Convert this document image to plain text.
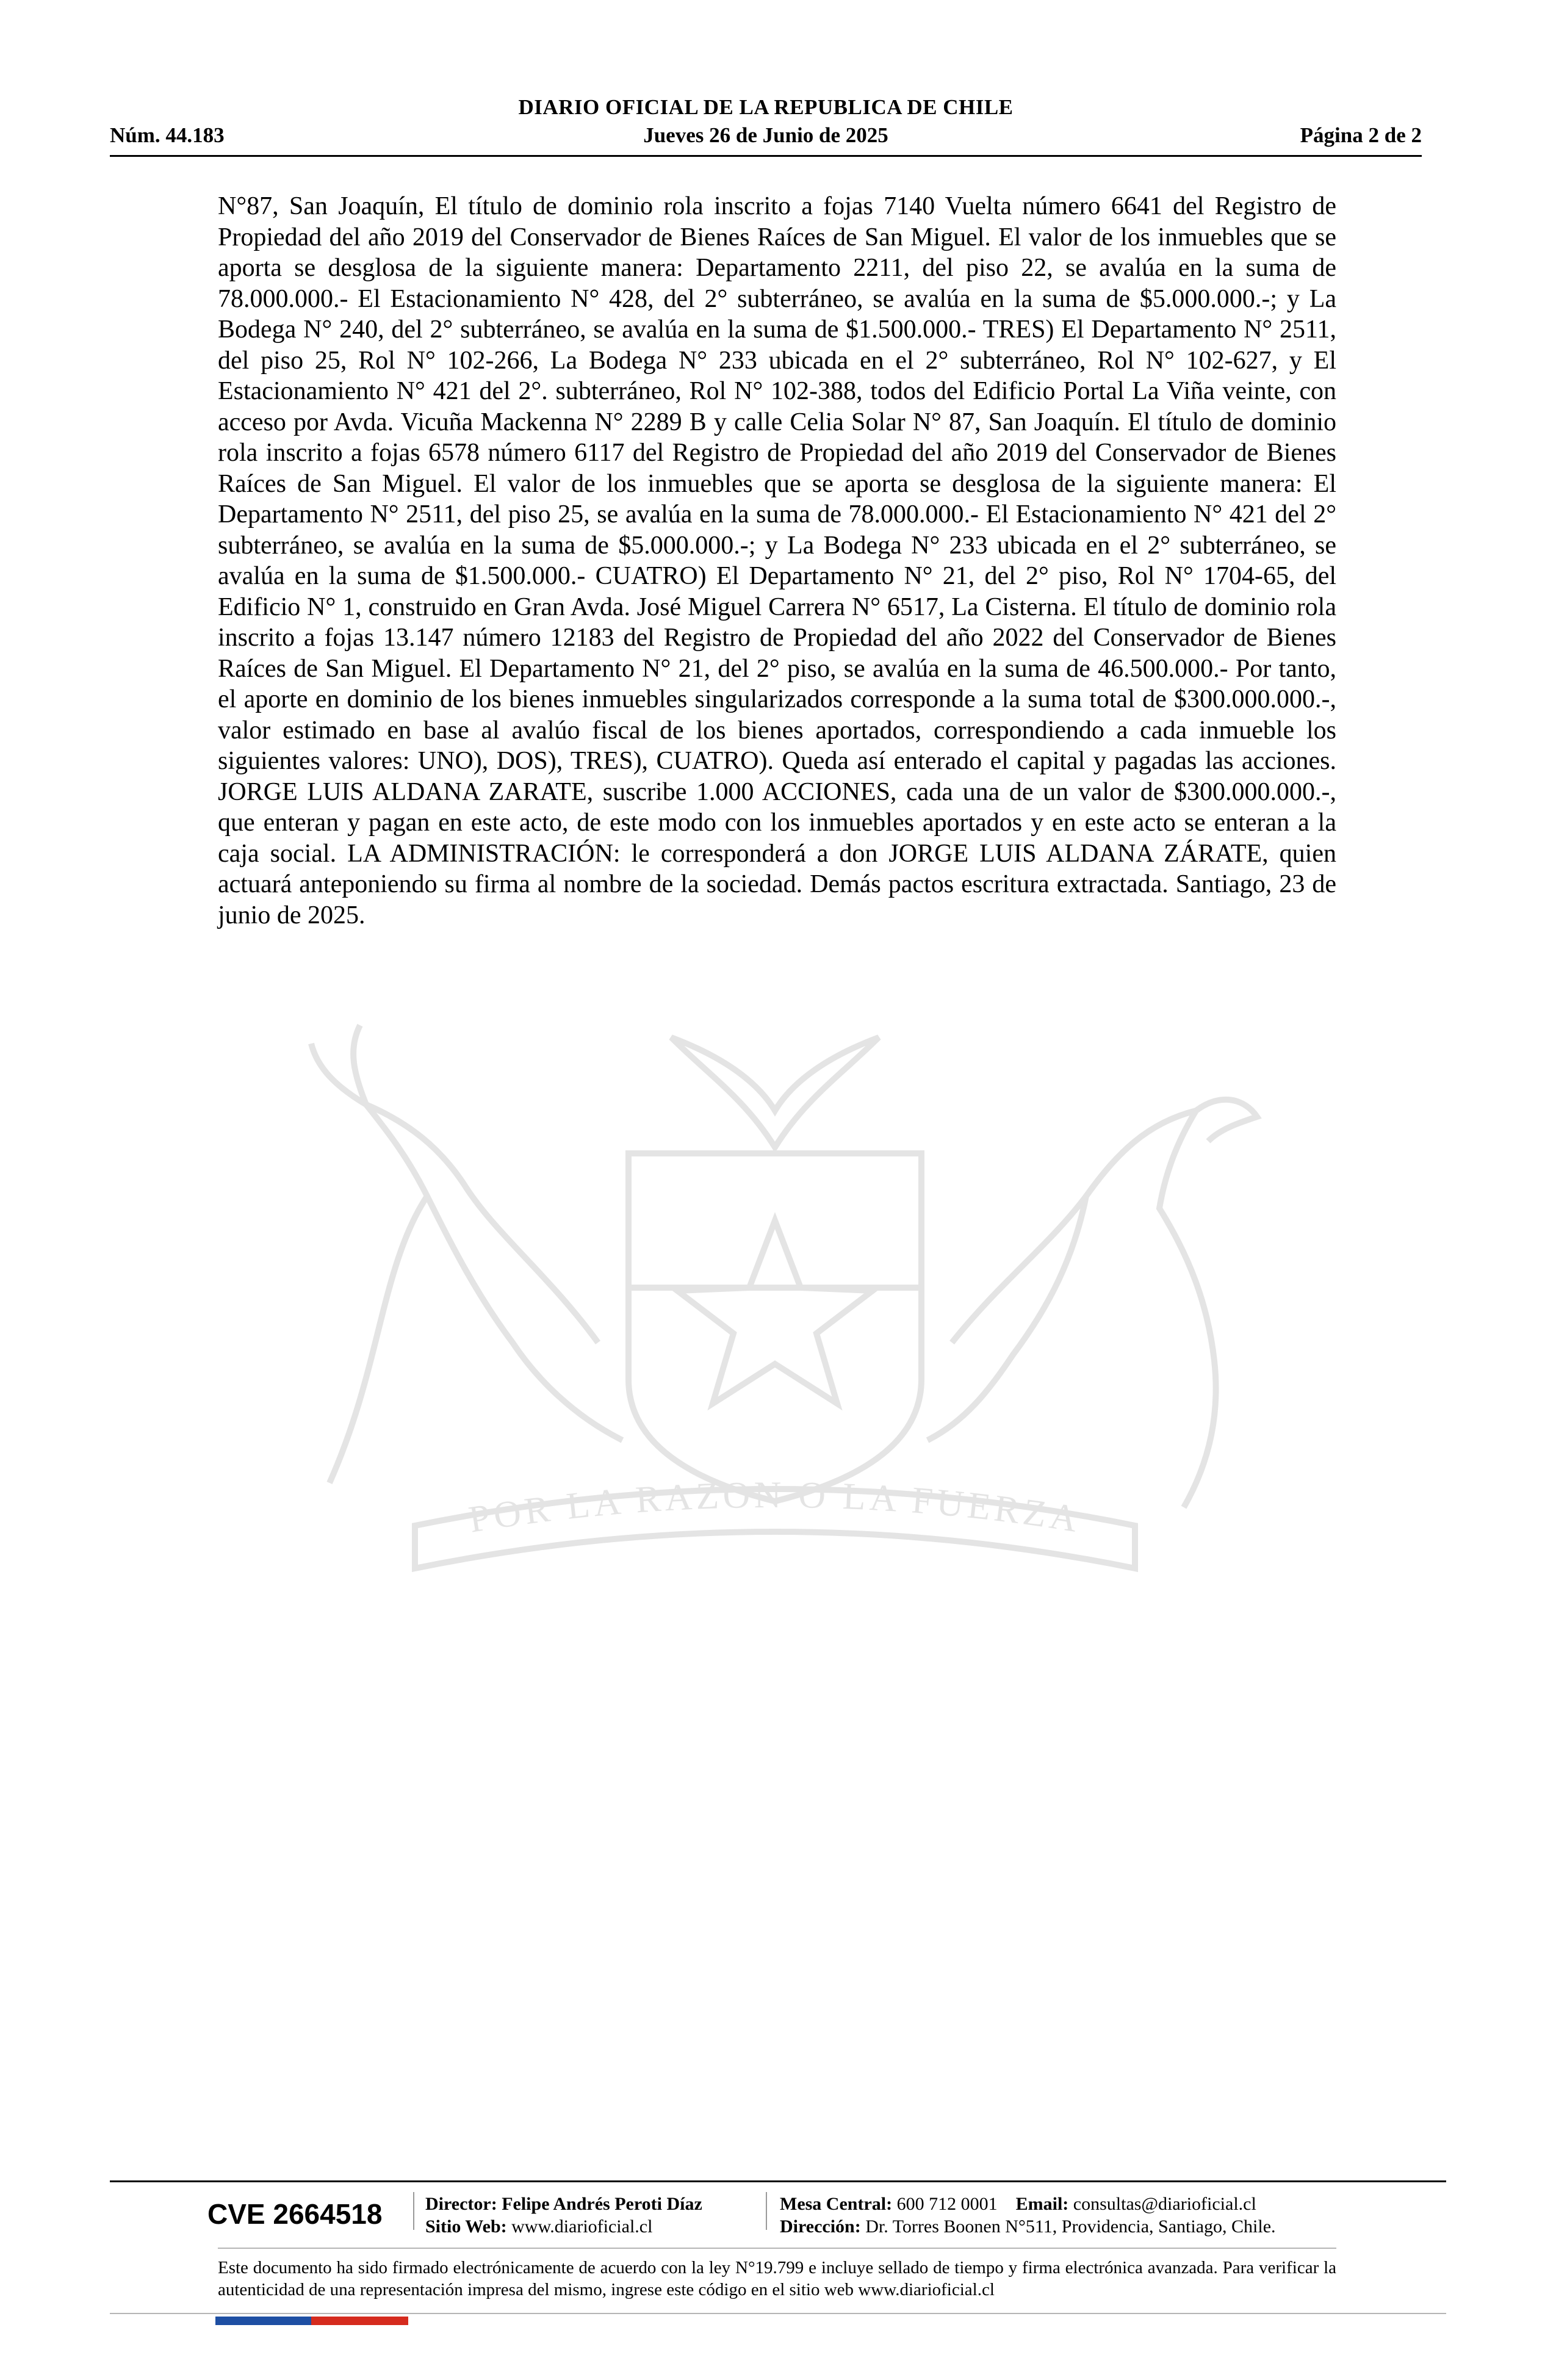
DIARIO OFICIAL DE LA REPUBLICA DE CHILE
Núm. 44.183	Jueves 26 de Junio de 2025	Página 2 de 2
POR LA RAZON O LA FUERZA

N°87, San Joaquín, El título de dominio rola inscrito a fojas 7140 Vuelta número 6641 del Registro de Propiedad del año 2019 del Conservador de Bienes Raíces de San Miguel. El valor de los inmuebles que se aporta se desglosa de la siguiente manera: Departamento 2211, del piso 22, se avalúa en la suma de 78.000.000.- El Estacionamiento N° 428, del 2° subterráneo, se avalúa en la suma de $5.000.000.-; y La Bodega N° 240, del 2° subterráneo, se avalúa en la suma de $1.500.000.- TRES) El Departamento N° 2511, del piso 25, Rol N° 102-266, La Bodega N° 233 ubicada en el 2° subterráneo, Rol N° 102-627, y El Estacionamiento N° 421 del 2°. subterráneo, Rol N° 102-388, todos del Edificio Portal La Viña veinte, con acceso por Avda. Vicuña Mackenna N° 2289 B y calle Celia Solar N° 87, San Joaquín. El título de dominio rola inscrito a fojas 6578 número 6117 del Registro de Propiedad del año 2019 del Conservador de Bienes Raíces de San Miguel. El valor de los inmuebles que se aporta se desglosa de la siguiente manera: El Departamento N° 2511, del piso 25, se avalúa en la suma de 78.000.000.- El Estacionamiento N° 421 del 2° subterráneo, se avalúa en la suma de $5.000.000.-; y La Bodega N° 233 ubicada en el 2° subterráneo, se avalúa en la suma de $1.500.000.- CUATRO) El Departamento N° 21, del 2° piso, Rol N° 1704-65, del Edificio N° 1, construido en Gran Avda. José Miguel Carrera N° 6517, La Cisterna. El título de dominio rola inscrito a fojas 13.147 número 12183 del Registro de Propiedad del año 2022 del Conservador de Bienes Raíces de San Miguel. El Departamento N° 21, del 2° piso, se avalúa en la suma de 46.500.000.- Por tanto, el aporte en dominio de los bienes inmuebles singularizados corresponde a la suma total de $300.000.000.-, valor estimado en base al avalúo fiscal de los bienes aportados, correspondiendo a cada inmueble los siguientes valores: UNO), DOS), TRES), CUATRO). Queda así enterado el capital y pagadas las acciones. JORGE LUIS ALDANA ZARATE, suscribe 1.000 ACCIONES, cada una de un valor de $300.000.000.-, que enteran y pagan en este acto, de este modo con los inmuebles aportados y en este acto se enteran a la caja social. LA ADMINISTRACIÓN: le corresponderá a don JORGE LUIS ALDANA ZÁRATE, quien actuará anteponiendo su firma al nombre de la sociedad. Demás pactos escritura extractada. Santiago, 23 de junio de 2025.

CVE 2664518 Director: Felipe Andrés Peroti Díaz
Sitio Web: www.diarioficial.cl
Mesa Central: 600 712 0001 Email: consultas@diarioficial.cl
Dirección: Dr. Torres Boonen N°511, Providencia, Santiago, Chile.
Este documento ha sido firmado electrónicamente de acuerdo con la ley N°19.799 e incluye sellado de tiempo y firma electrónica avanzada. Para verificar la autenticidad de una representación impresa del mismo, ingrese este código en el sitio web www.diarioficial.cl
